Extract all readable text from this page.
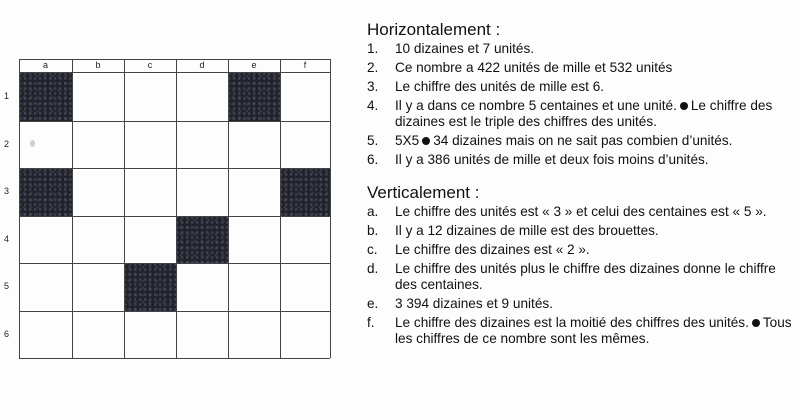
a	b	c	d	e	f
1
2
3
4
5
6
Horizontalement :
1. 10 dizaines et 7 unités.
2. Ce nombre a 422 unités de mille et 532 unités
3. Le chiffre des unités de mille est 6.
4. Il y a dans ce nombre 5 centaines et une unité. Le chiffre des dizaines est le triple des chiffres des unités.
5. 5X5 34 dizaines mais on ne sait pas combien d’unités.
6. Il y a 386 unités de mille et deux fois moins d’unités.
Verticalement :
a. Le chiffre des unités est « 3 » et celui des centaines est « 5 ».
b. Il y a 12 dizaines de mille est des brouettes.
c. Le chiffre des dizaines est « 2 ».
d. Le chiffre des unités plus le chiffre des dizaines donne le chiffre des centaines.
e. 3 394 dizaines et 9 unités.
f. Le chiffre des dizaines est la moitié des chiffres des unités. Tous les chiffres de ce nombre sont les mêmes.
